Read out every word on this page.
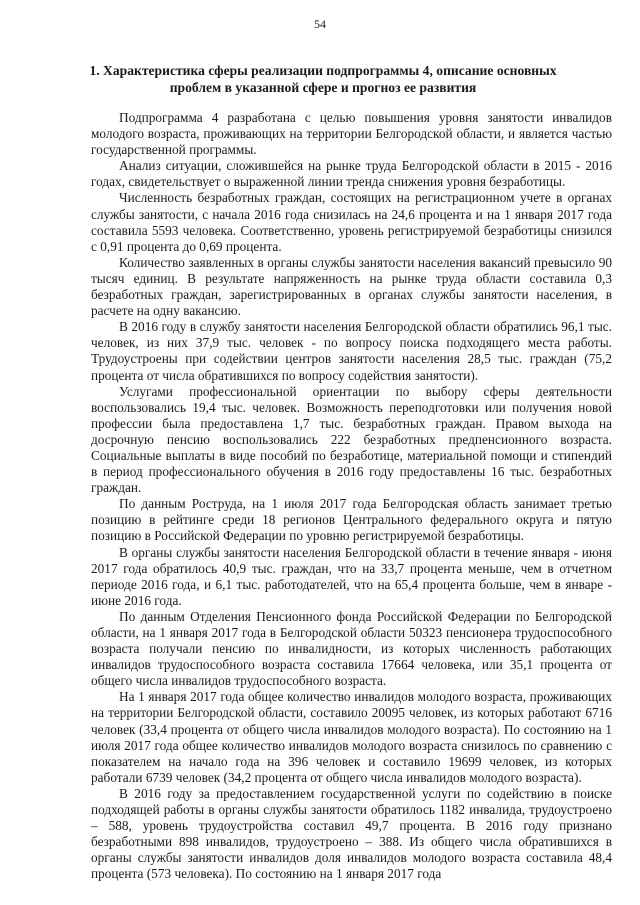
54
1. Характеристика сферы реализации подпрограммы 4, описание основных проблем в указанной сфере и прогноз ее развития

Подпрограмма 4 разработана с целью повышения уровня занятости инвалидов молодого возраста, проживающих на территории Белгородской области, и является частью государственной программы.

Анализ ситуации, сложившейся на рынке труда Белгородской области в 2015 - 2016 годах, свидетельствует о выраженной линии тренда снижения уровня безработицы.

Численность безработных граждан, состоящих на регистрационном учете в органах службы занятости, с начала 2016 года снизилась на 24,6 процента и на 1 января 2017 года составила 5593 человека. Соответственно, уровень регистрируемой безработицы снизился с 0,91 процента до 0,69 процента.

Количество заявленных в органы службы занятости населения вакансий превысило 90 тысяч единиц. В результате напряженность на рынке труда области составила 0,3 безработных граждан, зарегистрированных в органах службы занятости населения, в расчете на одну вакансию.

В 2016 году в службу занятости населения Белгородской области обратились 96,1 тыс. человек, из них 37,9 тыс. человек - по вопросу поиска подходящего места работы. Трудоустроены при содействии центров занятости населения 28,5 тыс. граждан (75,2 процента от числа обратившихся по вопросу содействия занятости).

Услугами профессиональной ориентации по выбору сферы деятельности воспользовались 19,4 тыс. человек. Возможность переподготовки или получения новой профессии была предоставлена 1,7 тыс. безработных граждан. Правом выхода на досрочную пенсию воспользовались 222 безработных предпенсионного возраста. Социальные выплаты в виде пособий по безработице, материальной помощи и стипендий в период профессионального обучения в 2016 году предоставлены 16 тыс. безработных граждан.

По данным Роструда, на 1 июля 2017 года Белгородская область занимает третью позицию в рейтинге среди 18 регионов Центрального федерального округа и пятую позицию в Российской Федерации по уровню регистрируемой безработицы.

В органы службы занятости населения Белгородской области в течение января - июня 2017 года обратилось 40,9 тыс. граждан, что на 33,7 процента меньше, чем в отчетном периоде 2016 года, и 6,1 тыс. работодателей, что на 65,4 процента больше, чем в январе - июне 2016 года.

По данным Отделения Пенсионного фонда Российской Федерации по Белгородской области, на 1 января 2017 года в Белгородской области 50323 пенсионера трудоспособного возраста получали пенсию по инвалидности, из которых численность работающих инвалидов трудоспособного возраста составила 17664 человека, или 35,1 процента от общего числа инвалидов трудоспособного возраста.

На 1 января 2017 года общее количество инвалидов молодого возраста, проживающих на территории Белгородской области, составило 20095 человек, из которых работают 6716 человек (33,4 процента от общего числа инвалидов молодого возраста). По состоянию на 1 июля 2017 года общее количество инвалидов молодого возраста снизилось по сравнению с показателем на начало года на 396 человек и составило 19699 человек, из которых работали 6739 человек (34,2 процента от общего числа инвалидов молодого возраста).

В 2016 году за предоставлением государственной услуги по содействию в поиске подходящей работы в органы службы занятости обратилось 1182 инвалида, трудоустроено – 588, уровень трудоустройства составил 49,7 процента. В 2016 году признано безработными 898 инвалидов, трудоустроено – 388. Из общего числа обратившихся в органы службы занятости инвалидов доля инвалидов молодого возраста составила 48,4 процента (573 человека). По состоянию на 1 января 2017 года
